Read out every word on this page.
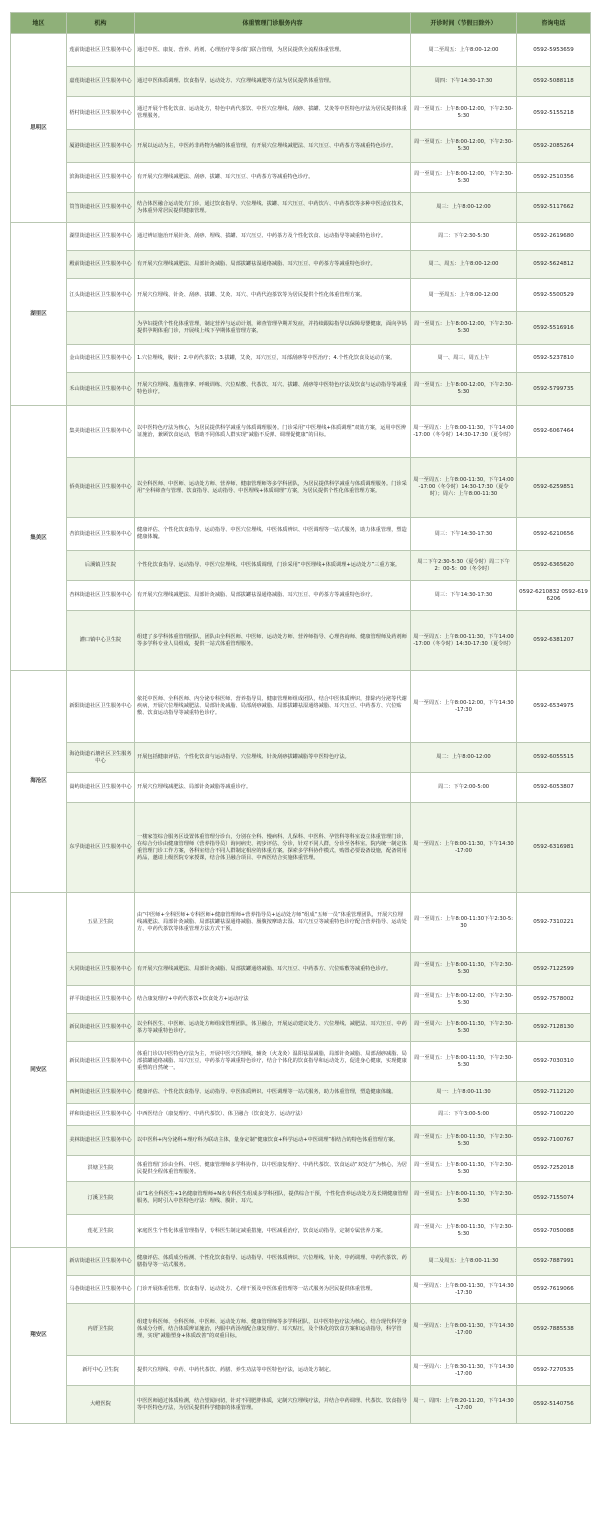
地区	机构	体重管理门诊服务内容	开诊时间（节假日除外）	咨询电话
思明区	莲前街道社区卫生服务中心	通过中医、康复、营养、药剂、心理治疗等多部门联合管理，为居民提供全流程体重管理。	周二至周五：上午8:00-12:00	0592-5953659
	嘉莲街道社区卫生服务中心	通过中医体质调理、饮食指导、运动处方、穴位埋线减肥等方法为居民提供体重管理。	周四：下午14:30-17:30	0592-5088118
	梧村街道社区卫生服务中心	通过开展个性化饮食、运动处方，特色中药代茶饮、中医穴位埋线、刮痧、拔罐、艾灸等中医特色疗法为居民提供体重管理服务。	周一至周五：上午8:00-12:00，下午2:30-5:30	0592-5155218
	厦港街道社区卫生服务中心	开展以运动为主，中医药非药物为辅的体重管理，有开展穴位埋线减肥法、耳穴压豆、中药茶方等减重特色诊疗。	周一至周五：上午8:00-12:00，下午2:30-5:30	0592-2085264
	滨海街道社区卫生服务中心	有开展穴位埋线减肥法、刮痧、拔罐、耳穴压豆、中药茶方等减重特色诊疗。	周一至周五：上午8:00-12:00，下午2:30-5:30	0592-2510356
	筼筜街道社区卫生服务中心	结合体医融合运动处方门诊，通过饮食指导、穴位埋线、拔罐、耳穴压豆、中药饮片、中药茶饮等多种中医适宜技术，为体重异常居民提供健康管理。	周三：上午8:00-12:00	0592-5117662
湖里区	湖里街道社区卫生服务中心	通过辨证施治开展针灸、刮痧、埋线、拔罐、耳穴压豆、中药茶方及个性化饮食、运动指导等减重特色诊疗。	周二：下午2:30-5:30	0592-2619680
	殿前街道社区卫生服务中心	有开展穴位埋线减肥法、局部针灸减脂、局部拔罐祛湿通络减脂、耳穴压豆、中药茶方等减重特色诊疗。	周二、周五：上午8:00-12:00	0592-5624812
	江头街道社区卫生服务中心	开展穴位埋线、针灸、刮痧、拔罐、艾灸、耳穴、中药代泡茶饮等为居民提供个性化体重管理方案。	周一至周五：上午8:00-12:00	0592-5500529
		为孕妇提供个性化体重管理，制定营养与运动计划，筛查管理孕期并发症，并持续跟踪指导以保障母婴健康，面向孕妈提供孕期体重门诊，开展线上线下孕期体重管理方案。	周一至周五：上午8:00-12:00，下午2:30-5:30	0592-5516916
	金山街道社区卫生服务中心	1.穴位埋线，腹针；2.中药代茶饮；3.拔罐，艾灸，耳穴压豆，耳部刮痧等中医治疗；4.个性化饮食及运动方案。	周一、周三、周五上午	0592-5237810
	禾山街道社区卫生服务中心	开展穴位埋线、脂肪推拿、呼吸训练、穴位贴敷、代茶饮、耳穴、拔罐、刮痧等中医特色疗法及饮食与运动指导等减重特色诊疗。	周一至周五：上午8:00-12:00，下午2:30-5:30	0592-5799735
集美区	集美街道社区卫生服务中心	以中医特色疗法为核心，为居民提供科学减重与体质调理服务。门诊采用“中医埋线+体质调理”双效方案，运用中医辨证施治，兼顾饮食运动，帮助不同体质人群实现“减脂不反弹、调理促健康”的目标。	周一至周五：上午8:00-11:30，下午14:00-17:00（冬令时）14:30-17:30（夏令时）	0592-6067464
	侨英街道社区卫生服务中心	以全科医师、中医师、运动处方师、营养师、健康管理师等多学科团队，为居民提供科学减重与体质调理服务。门诊采用“全科筛查与管理、饮食指导、运动指导、中医埋线+体质调理”方案，为居民提供个性化体重管理方案。	周一至周五：上午8:00-11:30，下午14:00-17:00（冬令时）14:30-17:30（夏令时）；周六：上午8:00-11:30	0592-6259851
	杏滨街道社区卫生服务中心	健康评估、个性化饮食指导、运动指导、中医穴位埋线、中医体质辨识、中医调理等一站式服务，助力体重管理，塑造健康体魄。	周三：下午14:30-17:30	0592-6210656
	后溪镇卫生院	个性化饮食指导、运动指导、中医穴位埋线、中医体质调理，门诊采用“中医埋线+体质调理+运动处方”三重方案。	周二下午2:30-5:30（夏令时）周二下午2：00-5：00（冬令时）	0592-6365620
	杏林街道社区卫生服务中心	有开展穴位埋线减肥法、局部针灸减脂、局部拔罐祛湿通络减脂、耳穴压豆、中药茶方等减重特色诊疗。	周三：下午14:30-17:30	0592-6210832 0592-6196206
	灌口镇中心卫生院	组建了多学科体重管理团队，团队由全科医师、中医师、运动处方师、营养师指导、心理咨询师、健康管理师及药剂师等多学科专业人员组成，提供一站式体重管理服务。	周一至周五：上午8:00-11:30，下午14:00-17:00（冬令时）14:30-17:30（夏令时）	0592-6381207
海沧区	新阳街道社区卫生服务中心	依托中医师、全科医师、内分泌专科医师、营养指导员、健康管理师组成团队，结合中医体质辨识，排除内分泌等代谢疾病，开展穴位埋线减肥法、局部针灸减脂、局部刮痧减脂、局部拔罐祛湿通络减脂、耳穴压豆、中药茶方、穴位贴敷、饮食运动指导等减重特色诊疗。	周一至周五：上午8:00-12:00，下午14:30-17:30	0592-6534975
	海沧街道石塘社区卫生服务中心	开展包括健康评估、个性化饮食与运动指导、穴位埋线、针灸刮痧拔罐减脂等中医特色疗法。	周二：上午8:00-12:00	0592-6055515
	嵩屿街道社区卫生服务中心	开展穴位埋线减肥法、局部针灸减脂等减重诊疗。	周二：下午2:00-5:00	0592-6053807
	东孚街道社区卫生服务中心	一楼家签综合服务区设置体重管理分诊台，分别在全科、慢病科、儿保科、中医科、孕管科等科室设立体重管理门诊，在综合分诊由健康管理师（营养指导员）询问病史、初步评估、分诊，针对不同人群，分诊至各科室。院内统一制定体重管理门诊工作方案，各科室结合不同人群制定相应的体重方案。探索多学科协作模式，购置必要设备设施，配备常用药品，邀请上级医院专家授课，结合体卫融合项目、中西医结合实施体重管理。	周一至周五：上午8:00-11:30，下午14:30-17:00	0592-6316981
同安区	五显卫生院	由“中医师+全科医师+专科医师+健康管理师+营养指导员+运动处方师”组成“五师一员”体重管理团队，开展穴位埋线减肥法、局部针灸减脂、局部拔罐祛湿通络减脂、肠腹按摩助去湿、耳穴压豆等减重特色诊疗配合营养指导、运动处方、中药代茶饮等体重管理方法方式干预。	周一至周五：上午8:00-11:30下午2:30-5:30	0592-7310221
	大同街道社区卫生服务中心	有开展穴位埋线减肥法、局部针灸减脂、局部拔罐通络减脂、耳穴压豆、中药茶方、穴位贴敷等减重特色诊疗。	周一至周五：上午8:00-11:30，下午2:30-5:30	0592-7122599
	祥平街道社区卫生服务中心	结合康复理疗+中药代茶饮+饮食处方+运动疗法	周一至周五：上午8:00-12:00，下午2:30-5:30	0592-7578002
	新民街道社区卫生服务中心	以全科医生、中医师、运动处方师组成管理团队，体卫融合，开展运动建议处方、穴位埋线、减肥法、耳穴压豆、中药茶方等减重特色诊疗。	周一至周六：上午8:00-11:30，下午2:30-5:30	0592-7128130
	新民街道社区卫生服务中心	体重门诊以中医特色疗法为主，开展中医穴位埋线，辅灸（火龙灸）温阳祛湿减脂，局部针灸减脂、局部刮痧减脂、局部拔罐通络减脂、耳穴压豆，中药茶方等减重特色诊疗，结合个体化的饮食指导和运动处方，促进身心健康，实现健康重塑的自然统一。	周一至周五：上午8:00-11:30，下午2:30-5:30	0592-7030310
	西柯街道社区卫生服务中心	健康评估、个性化饮食指导、运动指导、中医体质辨识、中医调理等一站式服务，助力体重管理，塑造健康体魄。	周一：上午8:00-11:30	0592-7112120
	祥和街道社区卫生服务中心	中西医结合（康复理疗、中药代茶饮）、体卫融合（饮食处方、运动疗法）	周三：下午3:00-5:00	0592-7100220
	美林街道社区卫生服务中心	以中医科+内分泌科+理疗科为联动主体，量身定制“健康饮食+科学运动+中医调理”相结合的特色体重管理方案。	周一至周五：上午8:00-11:30，下午2:30-5:30	0592-7100767
	洪塘卫生院	体重管理门诊由全科、中医、健康管理师多学科协作，以中医康复理疗、中药代茶饮、饮食运动“双处方”为核心，为居民提供全程体重管理服务。	周一至周五：上午8:00-11:30，下午2:30-5:30	0592-7252018
	汀溪卫生院	由“1名全科医生+1名健康管理师+N名专科医生组成多学科团队，提供综合干预，个性化营养运动处方及长期健康管理服务。同时引入中医特色疗法：埋线、腹针、耳穴。	周一至周五：上午8:00-11:30，下午2:30-5:30	0592-7155074
	莲花卫生院	家庭医生个性化体重管理指导，专科医生制定减重措施，中医减重治疗，饮食运动指导，定制专属营养方案。	周一至周六：上午8:00-11:30，下午2:30-5:30	0592-7050088
翔安区	新店街道社区卫生服务中心	健康评估、体质成分检测、个性化饮食指导、运动指导、中医体质辨识、穴位埋线、针灸、中药调理、中药代茶饮、药膳指导等一站式服务。	周二及周五：上午8:00-11:30	0592-7887991
	马巷街道社区卫生服务中心	门诊开展体重管理、饮食指导、运动处方、心理干预及中医体重管理等一站式服务为居民提供体重管理。	周一至周五：上午8:00-11:30，下午14:30-17:30	0592-7619066
	内厝卫生院	组建专科医师、全科医师、中医师、运动处方师、健康管理师等多学科团队，以中医特色疗法为核心，结合现代科学身体成分分析，结合体质辨证施治，内服中药汤剂配合康复理疗、耳穴贴压，及个体化的饮食方案和运动指导，科学管理，实现“减脂塑身+体质改善”的双重目标。	周一至周五：上午8:00-11:30，下午14:30-17:00	0592-7885538
	新圩中心卫生院	提供穴位埋线、中药、中药代茶饮、药膳、养生功法等中医特色疗法，运动处方制定。	周一至周六：上午8:30-11:30，下午14:30-17:00	0592-7270535
	大嶝医院	中医医师通过体质检测，结合望闻问切，针对不同肥胖体质，定制穴位埋线疗法，并结合中药调理、代茶饮、饮食指导等中医特色疗法，为居民提供科学健康的体重管理。	周一、周四：上午8:20-11:20，下午14:30-17:00	0592-5140756
